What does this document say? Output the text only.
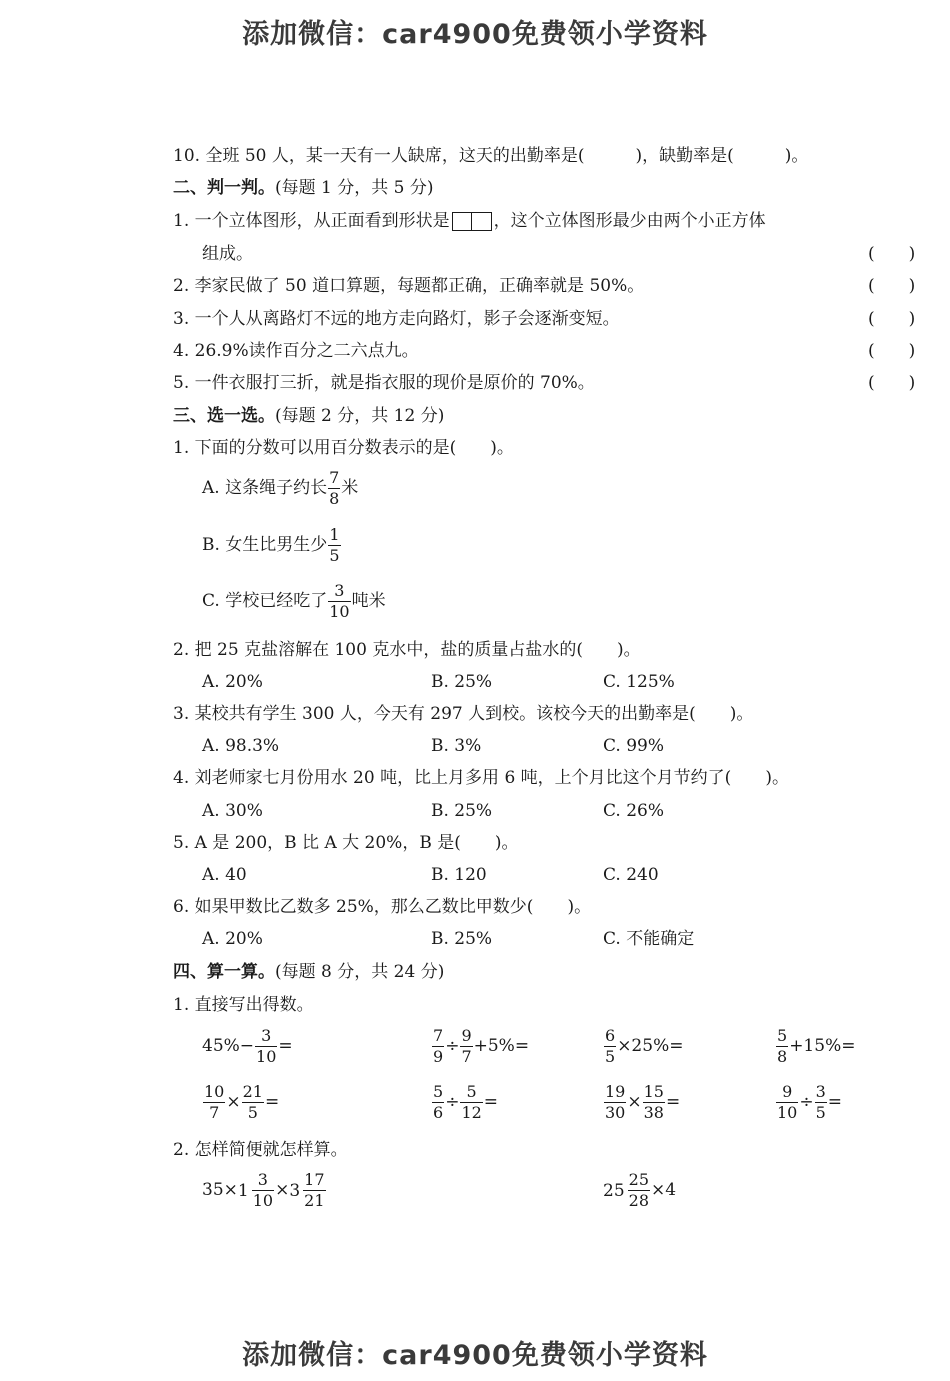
添加微信：car4900免费领小学资料
10. 全班 50 人，某一天有一人缺席，这天的出勤率是(　　　)，缺勤率是(　　　)。
二、判一判。(每题 1 分，共 5 分)
1. 一个立体图形，从正面看到形状是	，这个立体图形最少由两个小正方体
组成。	(　　)
2. 李家民做了 50 道口算题，每题都正确，正确率就是 50%。	(　　)
3. 一个人从离路灯不远的地方走向路灯，影子会逐渐变短。	(　　)
4. 26.9%读作百分之二六点九。	(　　)
5. 一件衣服打三折，就是指衣服的现价是原价的 70%。	(　　)
三、选一选。(每题 2 分，共 12 分)
1. 下面的分数可以用百分数表示的是(　　)。
A. 这条绳子约长 $\frac{7}{8}$ 米
B. 女生比男生少 $\frac{1}{5}$
C. 学校已经吃了 $\frac{3}{10}$ 吨米
2. 把 25 克盐溶解在 100 克水中，盐的质量占盐水的(　　)。
A. 20%	B. 25%	C. 125%
3. 某校共有学生 300 人，今天有 297 人到校。该校今天的出勤率是(　　)。
A. 98.3%	B. 3%	C. 99%
4. 刘老师家七月份用水 20 吨，比上月多用 6 吨，上个月比这个月节约了(　　)。
A. 30%	B. 25%	C. 26%
5. A 是 200，B 比 A 大 20%，B 是(　　)。
A. 40	B. 120	C. 240
6. 如果甲数比乙数多 25%，那么乙数比甲数少(　　)。
A. 20%	B. 25%	C. 不能确定
四、算一算。(每题 8 分，共 24 分)
1. 直接写出得数。
$45\%- \frac{3}{10}$ =	$\frac{7}{9} \div \frac{9}{7} +5\%=$	$\frac{6}{5} \times 25\%=$	$\frac{5}{8} +15\%=$
$\frac{10}{7} \times \frac{21}{5}$ =	$\frac{5}{6} \div \frac{5}{12}$ =	$\frac{19}{30} \times \frac{15}{38}$ =	$\frac{9}{10} \div \frac{3}{5}$ =
2. 怎样简便就怎样算。
$35\times 1 \frac{3}{10} \times 3 \frac{17}{21}$	$25 \frac{25}{28} \times 4$
添加微信：car4900免费领小学资料
